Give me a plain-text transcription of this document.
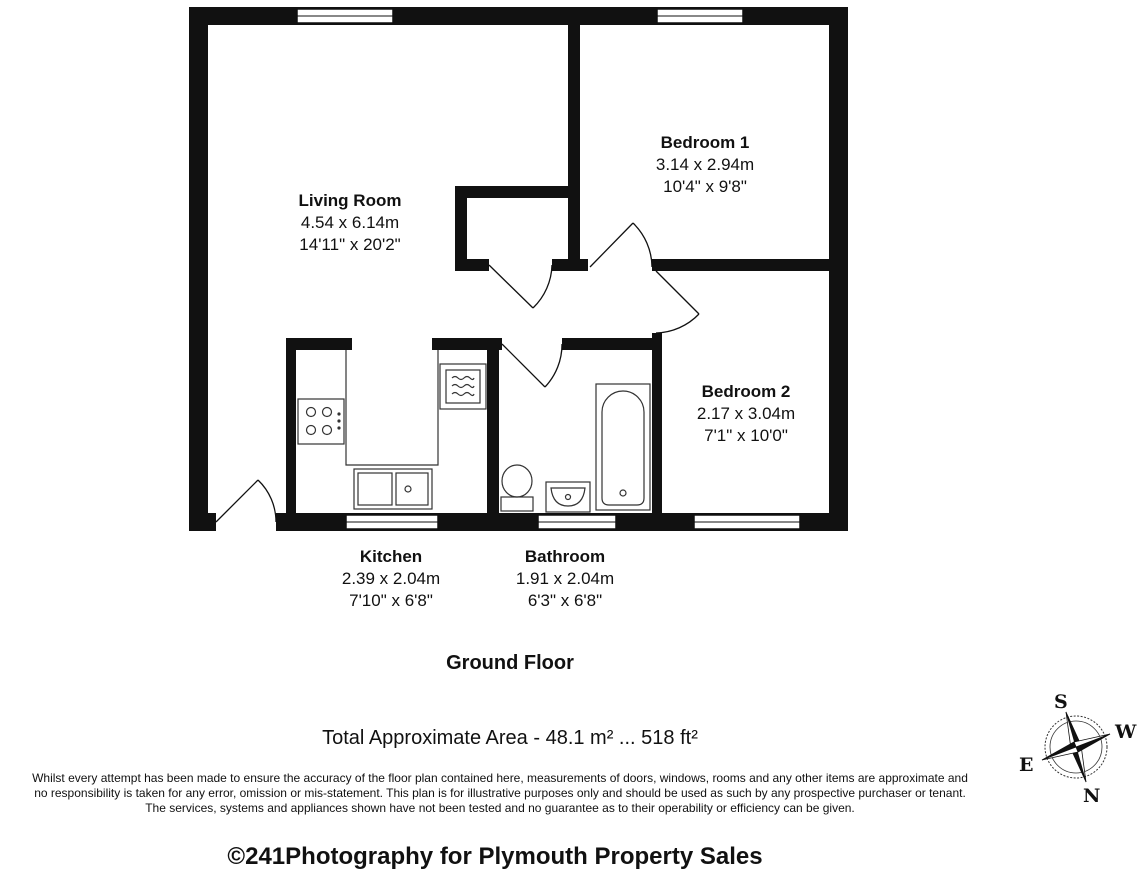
S
W
E
N
Living Room
4.54 x 6.14m
14'11" x 20'2"
Bedroom 1
3.14 x 2.94m
10'4" x 9'8"
Bedroom 2
2.17 x 3.04m
7'1" x 10'0"
Kitchen
2.39 x 2.04m
7'10" x 6'8"
Bathroom
1.91 x 2.04m
6'3" x 6'8"
Ground Floor
Total Approximate Area - 48.1 m² ... 518 ft²
Whilst every attempt has been made to ensure the accuracy of the floor plan contained here, measurements of doors, windows, rooms and any other items are approximate and
no responsibility is taken for any error, omission or mis-statement. This plan is for illustrative purposes only and should be used as such by any prospective purchaser or tenant.
The services, systems and appliances shown have not been tested and no guarantee as to their operability or efficiency can be given.
©241Photography for Plymouth Property Sales
